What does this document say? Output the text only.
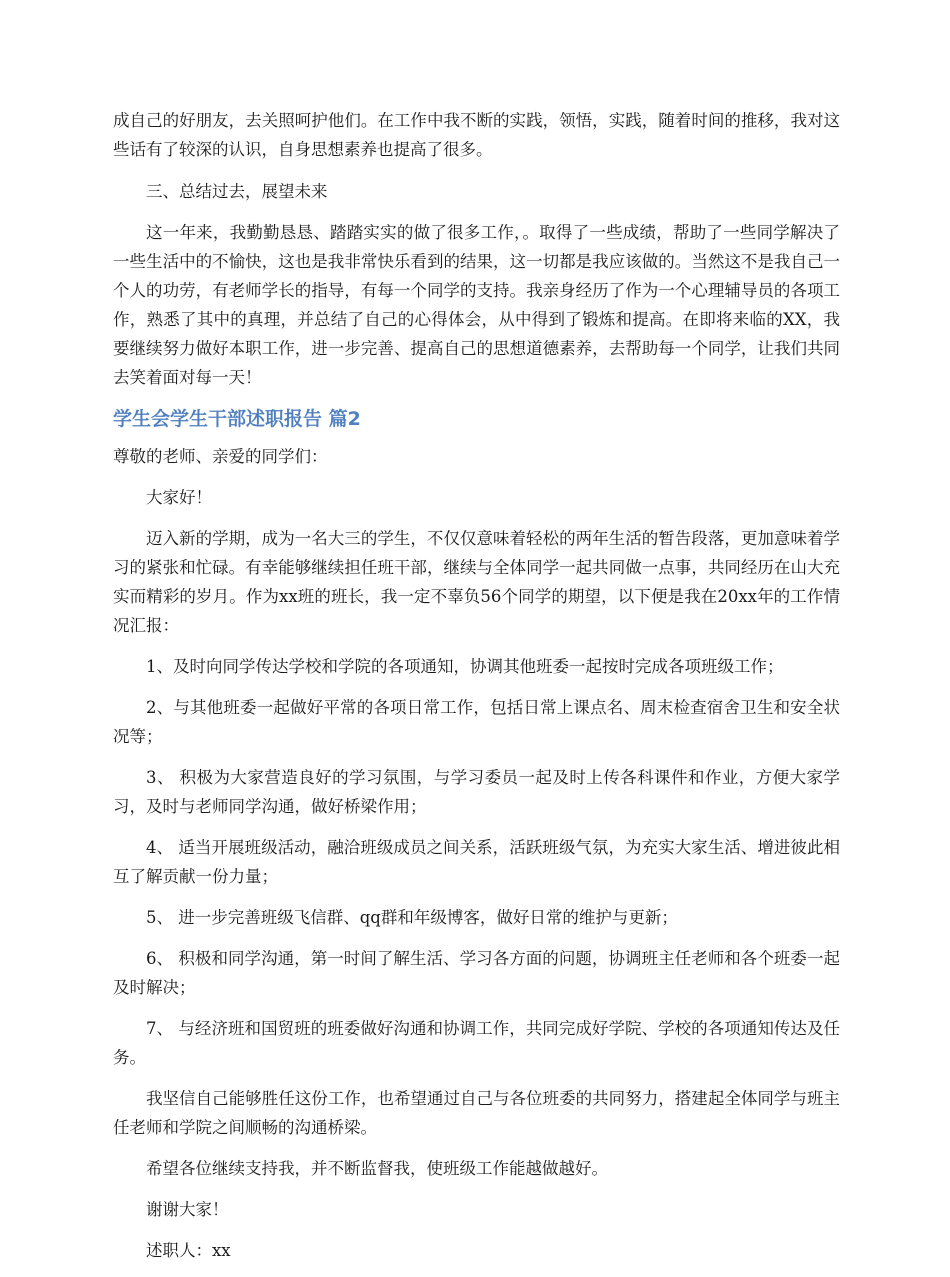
成自己的好朋友，去关照呵护他们。在工作中我不断的实践，领悟，实践，随着时间的推移，我对这些话有了较深的认识，自身思想素养也提高了很多。

三、总结过去，展望未来

这一年来，我勤勤恳恳、踏踏实实的做了很多工作，。取得了一些成绩，帮助了一些同学解决了一些生活中的不愉快，这也是我非常快乐看到的结果，这一切都是我应该做的。当然这不是我自己一个人的功劳，有老师学长的指导，有每一个同学的支持。我亲身经历了作为一个心理辅导员的各项工作，熟悉了其中的真理，并总结了自己的心得体会，从中得到了锻炼和提高。在即将来临的XX，我要继续努力做好本职工作，进一步完善、提高自己的思想道德素养，去帮助每一个同学，让我们共同去笑着面对每一天！

学生会学生干部述职报告 篇2

尊敬的老师、亲爱的同学们：

大家好！

迈入新的学期，成为一名大三的学生，不仅仅意味着轻松的两年生活的暂告段落，更加意味着学习的紧张和忙碌。有幸能够继续担任班干部，继续与全体同学一起共同做一点事，共同经历在山大充实而精彩的岁月。作为xx班的班长，我一定不辜负56个同学的期望，以下便是我在20xx年的工作情况汇报：

1、及时向同学传达学校和学院的各项通知，协调其他班委一起按时完成各项班级工作；

2、与其他班委一起做好平常的各项日常工作，包括日常上课点名、周末检查宿舍卫生和安全状况等；

3、 积极为大家营造良好的学习氛围，与学习委员一起及时上传各科课件和作业，方便大家学习，及时与老师同学沟通，做好桥梁作用；

4、 适当开展班级活动，融洽班级成员之间关系，活跃班级气氛，为充实大家生活、增进彼此相互了解贡献一份力量；

5、 进一步完善班级飞信群、qq群和年级博客，做好日常的维护与更新；

6、 积极和同学沟通，第一时间了解生活、学习各方面的问题，协调班主任老师和各个班委一起及时解决；

7、 与经济班和国贸班的班委做好沟通和协调工作，共同完成好学院、学校的各项通知传达及任务。

我坚信自己能够胜任这份工作，也希望通过自己与各位班委的共同努力，搭建起全体同学与班主任老师和学院之间顺畅的沟通桥梁。

希望各位继续支持我，并不断监督我，使班级工作能越做越好。

谢谢大家！

述职人：xx
